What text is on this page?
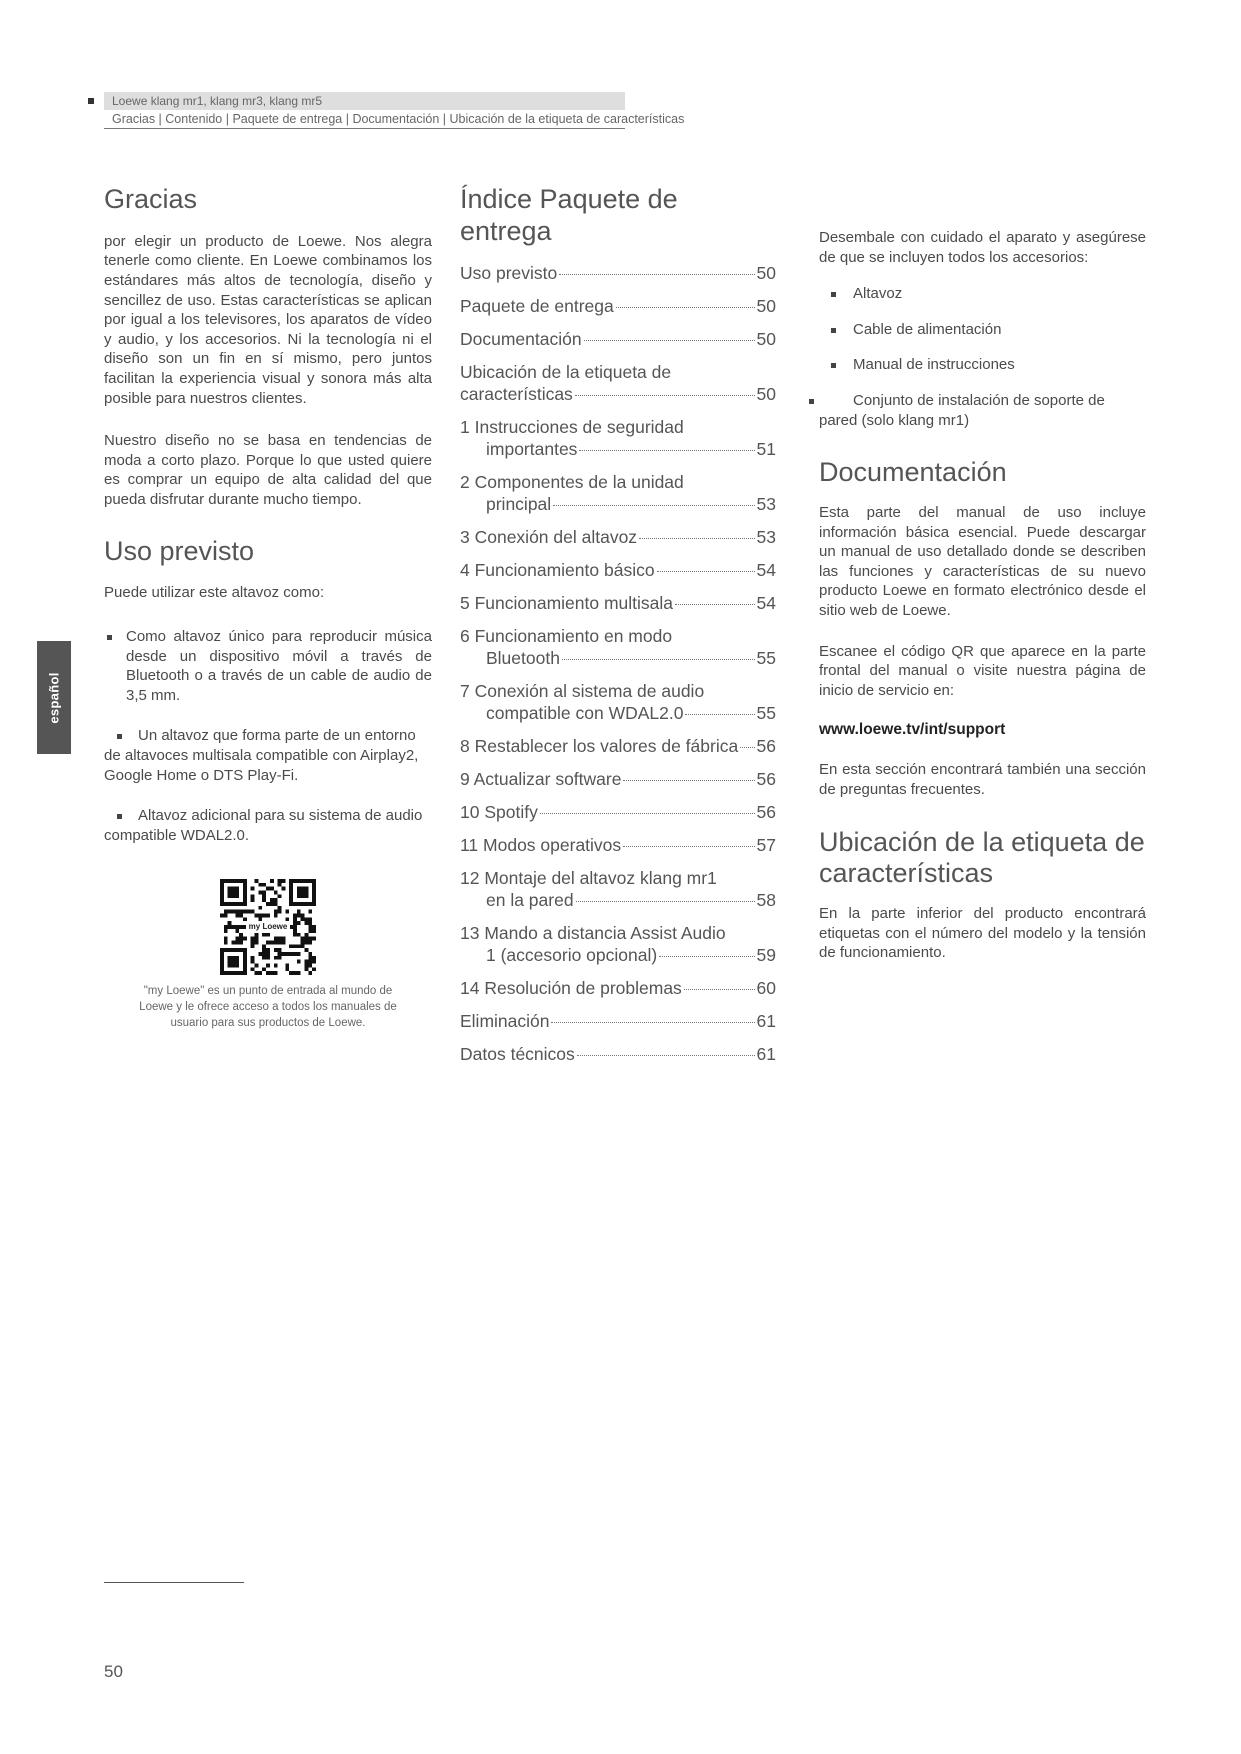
Loewe klang mr1, klang mr3, klang mr5
Gracias | Contenido | Paquete de entrega | Documentación | Ubicación de la etiqueta de características
español
Gracias

por elegir un producto de Loewe. Nos alegra tenerle como cliente. En Loewe combinamos los estándares más altos de tecnología, diseño y sencillez de uso. Estas características se aplican por igual a los televisores, los aparatos de vídeo y audio, y los accesorios. Ni la tecnología ni el diseño son un fin en sí mismo, pero juntos facilitan la experiencia visual y sonora más alta posible para nuestros clientes.

Nuestro diseño no se basa en tendencias de moda a corto plazo. Porque lo que usted quiere es comprar un equipo de alta calidad del que pueda disfrutar durante mucho tiempo.

Uso previsto

Puede utilizar este altavoz como:

Como altavoz único para reproducir música desde un dispositivo móvil a través de Bluetooth o a través de un cable de audio de 3,5 mm.
Un altavoz que forma parte de un entorno de altavoces multisala compatible con Airplay2, Google Home o DTS Play-Fi.
Altavoz adicional para su sistema de audio compatible WDAL2.0.
my Loewe
"my Loewe" es un punto de entrada al mundo de Loewe y le ofrece acceso a todos los manuales de usuario para sus productos de Loewe.
Índice Paquete de entrega
Uso previsto	50
Paquete de entrega	50
Documentación	50
Ubicación de la etiqueta de
características	50
1 Instrucciones de seguridad
importantes	51
2 Componentes de la unidad
principal	53
3 Conexión del altavoz	53
4 Funcionamiento básico	54
5 Funcionamiento multisala	54
6 Funcionamiento en modo
Bluetooth	55
7 Conexión al sistema de audio
compatible con WDAL2.0	55
8 Restablecer los valores de fábrica 56
9 Actualizar software	56
10 Spotify	56
11 Modos operativos	57
12 Montaje del altavoz klang mr1
en la pared	58
13 Mando a distancia Assist Audio
1 (accesorio opcional)	59
14 Resolución de problemas	60
Eliminación	61
Datos técnicos	61

Desembale con cuidado el aparato y asegúrese de que se incluyen todos los accesorios:

Altavoz
Cable de alimentación
Manual de instrucciones
Conjunto de instalación de soporte de pared (solo klang mr1)
Documentación

Esta parte del manual de uso incluye información básica esencial. Puede descargar un manual de uso detallado donde se describen las funciones y características de su nuevo producto Loewe en formato electrónico desde el sitio web de Loewe.

Escanee el código QR que aparece en la parte frontal del manual o visite nuestra página de inicio de servicio en:

www.loewe.tv/int/support

En esta sección encontrará también una sección de preguntas frecuentes.

Ubicación de la etiqueta de características

En la parte inferior del producto encontrará etiquetas con el número del modelo y la tensión de funcionamiento.

50
